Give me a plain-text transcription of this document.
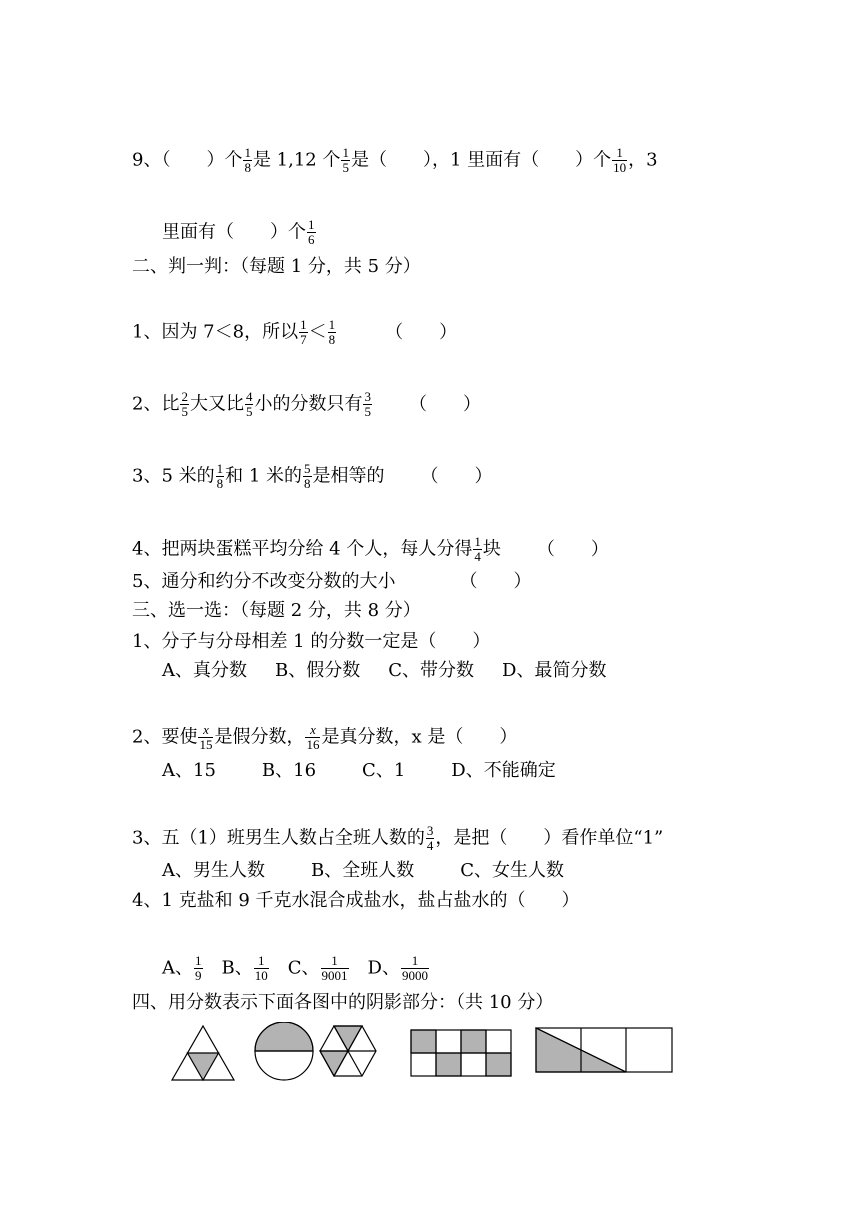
9、（　　）个 $\frac{1}{8}$ 是 1,12 个 $\frac{1}{5}$ 是（　　），1 里面有（　　）个 $\frac{1}{10}$ ，3
里面有（　　）个 $\frac{1}{6}$
二、判一判：（每题 1 分，共 5 分）
1、因为 7＜8，所以 $\frac{1}{7} < \frac{1}{8}$	（　　）
2、比 $\frac{2}{5}$ 大又比 $\frac{4}{5}$ 小的分数只有 $\frac{3}{5}$ （　　）
3、5 米的 $\frac{1}{8}$ 和 1 米的 $\frac{5}{8}$ 是相等的 （　　）
4、把两块蛋糕平均分给 4 个人，每人分得 $\frac{1}{4}$ 块 （　　）
5、通分和约分不改变分数的大小	（　　）
三、选一选：（每题 2 分，共 8 分）
1、分子与分母相差 1 的分数一定是（　　）
A、真分数 B、假分数 C、带分数 D、最简分数
2、要使 $\frac{x}{15}$ 是假分数， $\frac{x}{16}$ 是真分数，x 是（　　）
A、15	B、16	C、1	D、不能确定
3、五（1）班男生人数占全班人数的 $\frac{3}{4}$ ，是把（　　）看作单位“1”
A、男生人数	B、全班人数	C、女生人数
4、1 克盐和 9 千克水混合成盐水，盐占盐水的（　　）
A、 $\frac{1}{9}$ B、 $\frac{1}{10}$ C、 $\frac{1}{9001}$ D、 $\frac{1}{9000}$
四、用分数表示下面各图中的阴影部分：（共 10 分）
